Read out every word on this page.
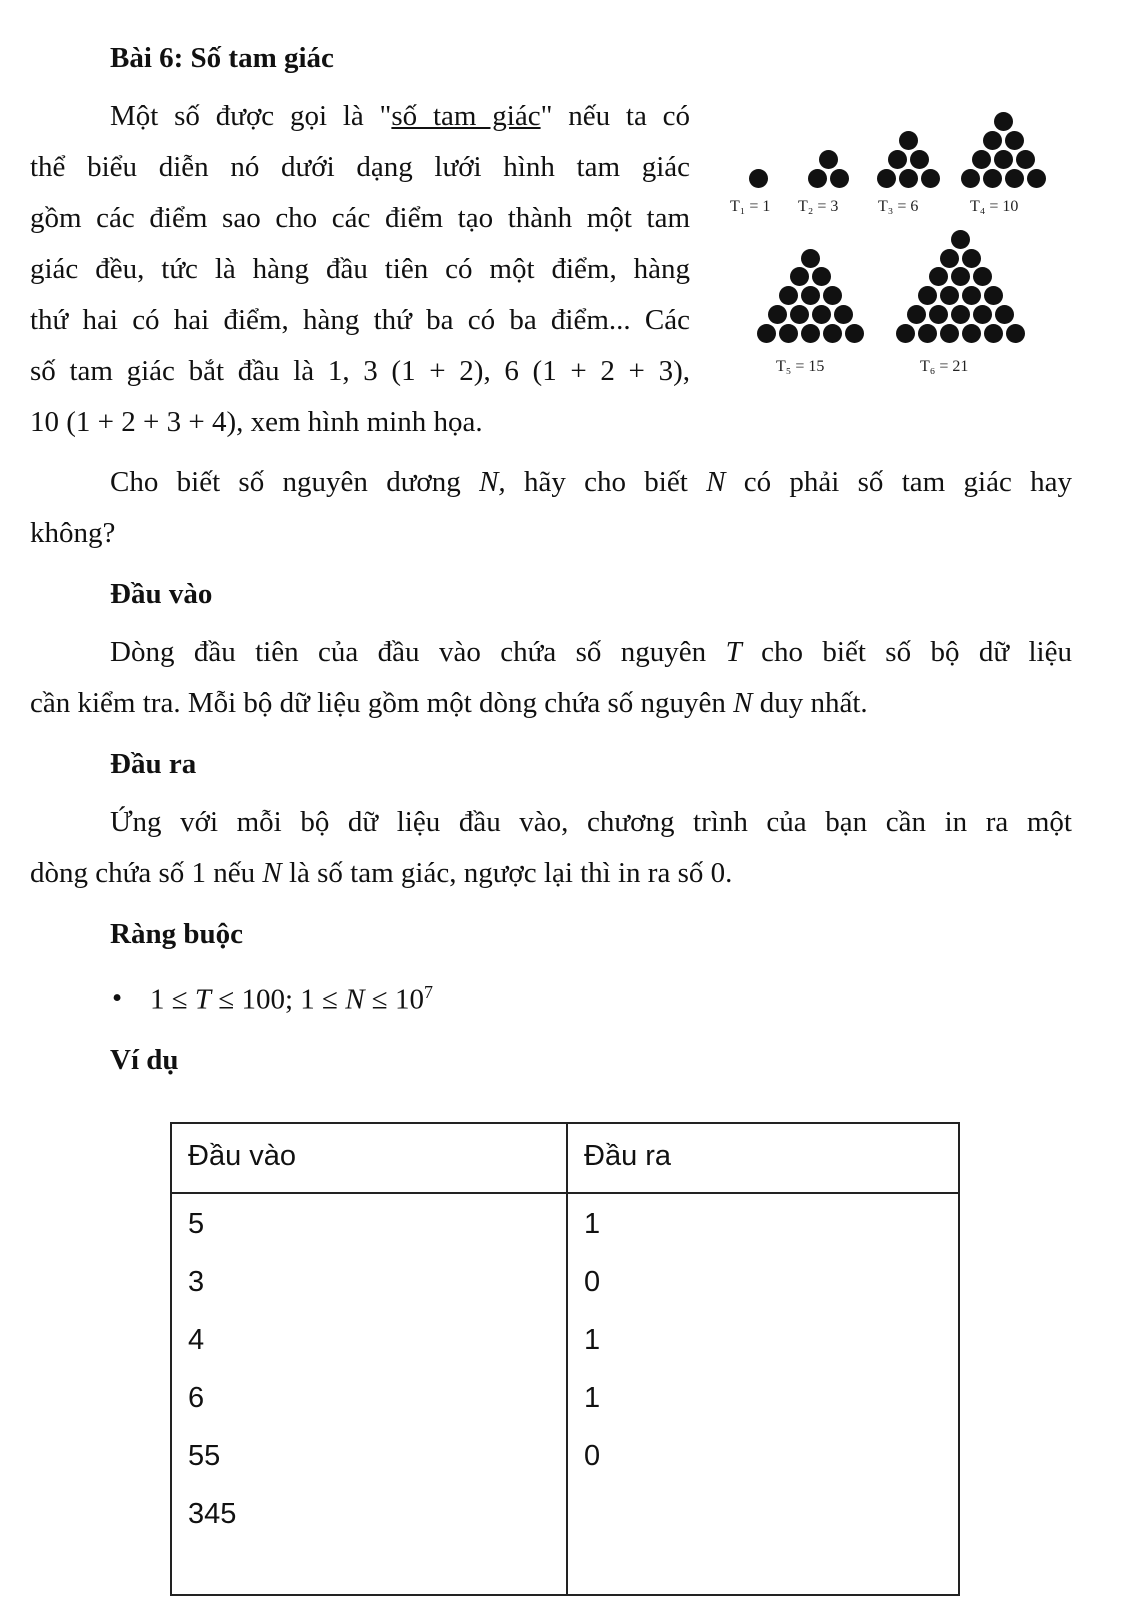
Bài 6: Số tam giác
Một số được gọi là "số tam giác" nếu ta có
thể biểu diễn nó dưới dạng lưới hình tam giác
gồm các điểm sao cho các điểm tạo thành một tam
giác đều, tức là hàng đầu tiên có một điểm, hàng
thứ hai có hai điểm, hàng thứ ba có ba điểm... Các
số tam giác bắt đầu là 1, 3 (1 + 2), 6 (1 + 2 + 3),
10 (1 + 2 + 3 + 4), xem hình minh họa.
T₁ = 1 T₂ = 3 T₃ = 6	T₄ = 10
T₅ = 15	T₆ = 21
Cho biết số nguyên dương N, hãy cho biết N có phải số tam giác hay
không?
Đầu vào
Dòng đầu tiên của đầu vào chứa số nguyên T cho biết số bộ dữ liệu
cần kiểm tra. Mỗi bộ dữ liệu gồm một dòng chứa số nguyên N duy nhất.
Đầu ra
Ứng với mỗi bộ dữ liệu đầu vào, chương trình của bạn cần in ra một
dòng chứa số 1 nếu N là số tam giác, ngược lại thì in ra số 0.
Ràng buộc
• 1 ≤ T ≤ 100; $1 \le N \le 10^7$
Ví dụ
Đầu vào	Đầu ra
5	1
3	0
4	1
6	1
55	0
345
